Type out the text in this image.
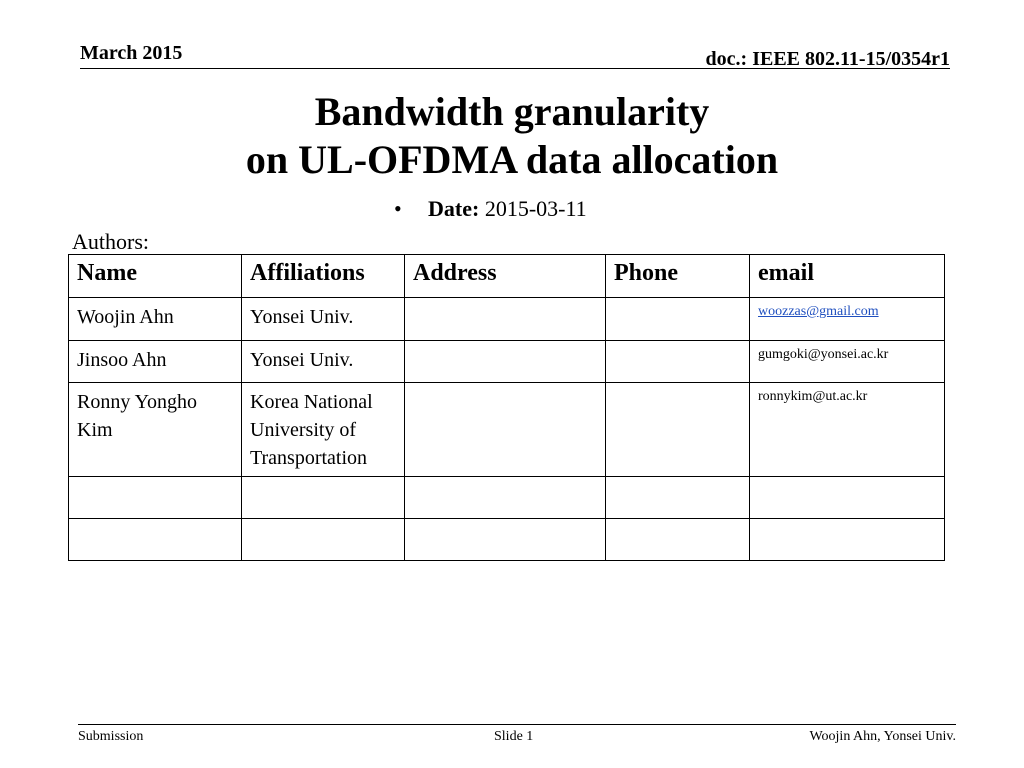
March 2015	doc.: IEEE 802.11-15/0354r1
Bandwidth granularity
on UL-OFDMA data allocation
• Date: 2015-03-11
Authors:
Name	Affiliations	Address	Phone	email
Woojin Ahn	Yonsei Univ.			woozzas@gmail.com
Jinsoo Ahn	Yonsei Univ.			gumgoki@yonsei.ac.kr
Ronny Yongho Kim	Korea National University of Transportation			ronnykim@ut.ac.kr

Submission	Slide 1	Woojin Ahn, Yonsei Univ.
